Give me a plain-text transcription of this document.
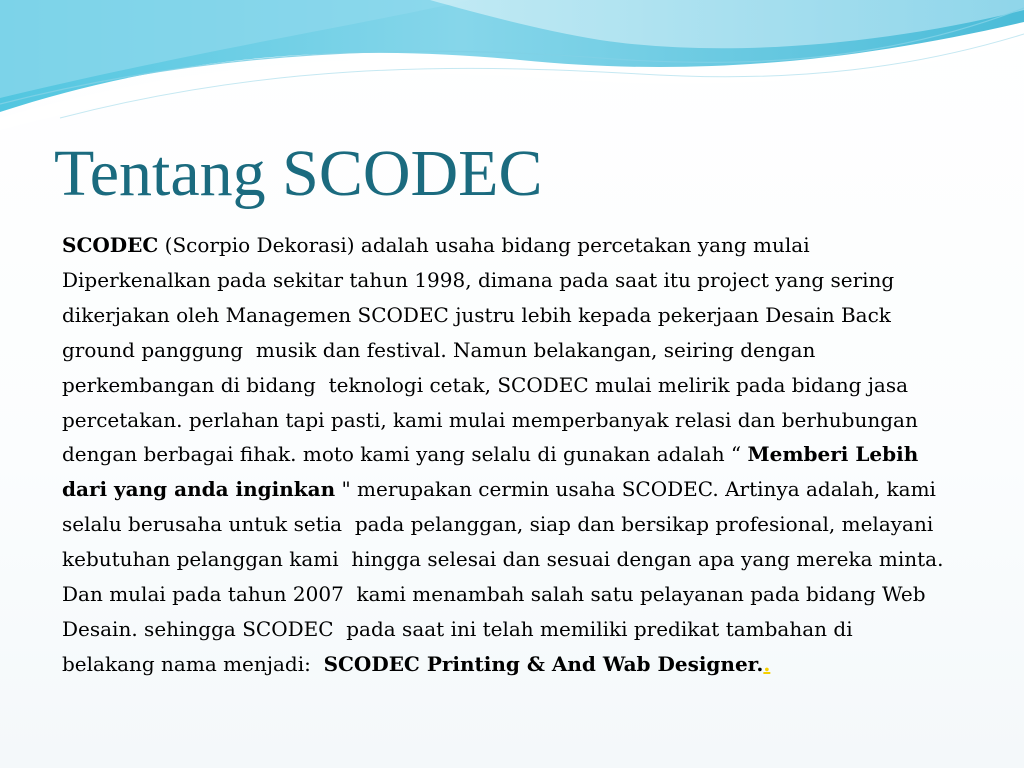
Tentang SCODEC
SCODEC (Scorpio Dekorasi) adalah usaha bidang percetakan yang mulai
Diperkenalkan pada sekitar tahun 1998, dimana pada saat itu project yang sering
dikerjakan oleh Managemen SCODEC justru lebih kepada pekerjaan Desain Back
ground panggung  musik dan festival. Namun belakangan, seiring dengan
perkembangan di bidang  teknologi cetak, SCODEC mulai melirik pada bidang jasa
percetakan. perlahan tapi pasti, kami mulai memperbanyak relasi dan berhubungan
dengan berbagai fihak. moto kami yang selalu di gunakan adalah “ Memberi Lebih
dari yang anda inginkan " merupakan cermin usaha SCODEC. Artinya adalah, kami
selalu berusaha untuk setia  pada pelanggan, siap dan bersikap profesional, melayani
kebutuhan pelanggan kami  hingga selesai dan sesuai dengan apa yang mereka minta.
Dan mulai pada tahun 2007  kami menambah salah satu pelayanan pada bidang Web
Desain. sehingga SCODEC  pada saat ini telah memiliki predikat tambahan di
belakang nama menjadi:  SCODEC Printing & And Wab Designer..
